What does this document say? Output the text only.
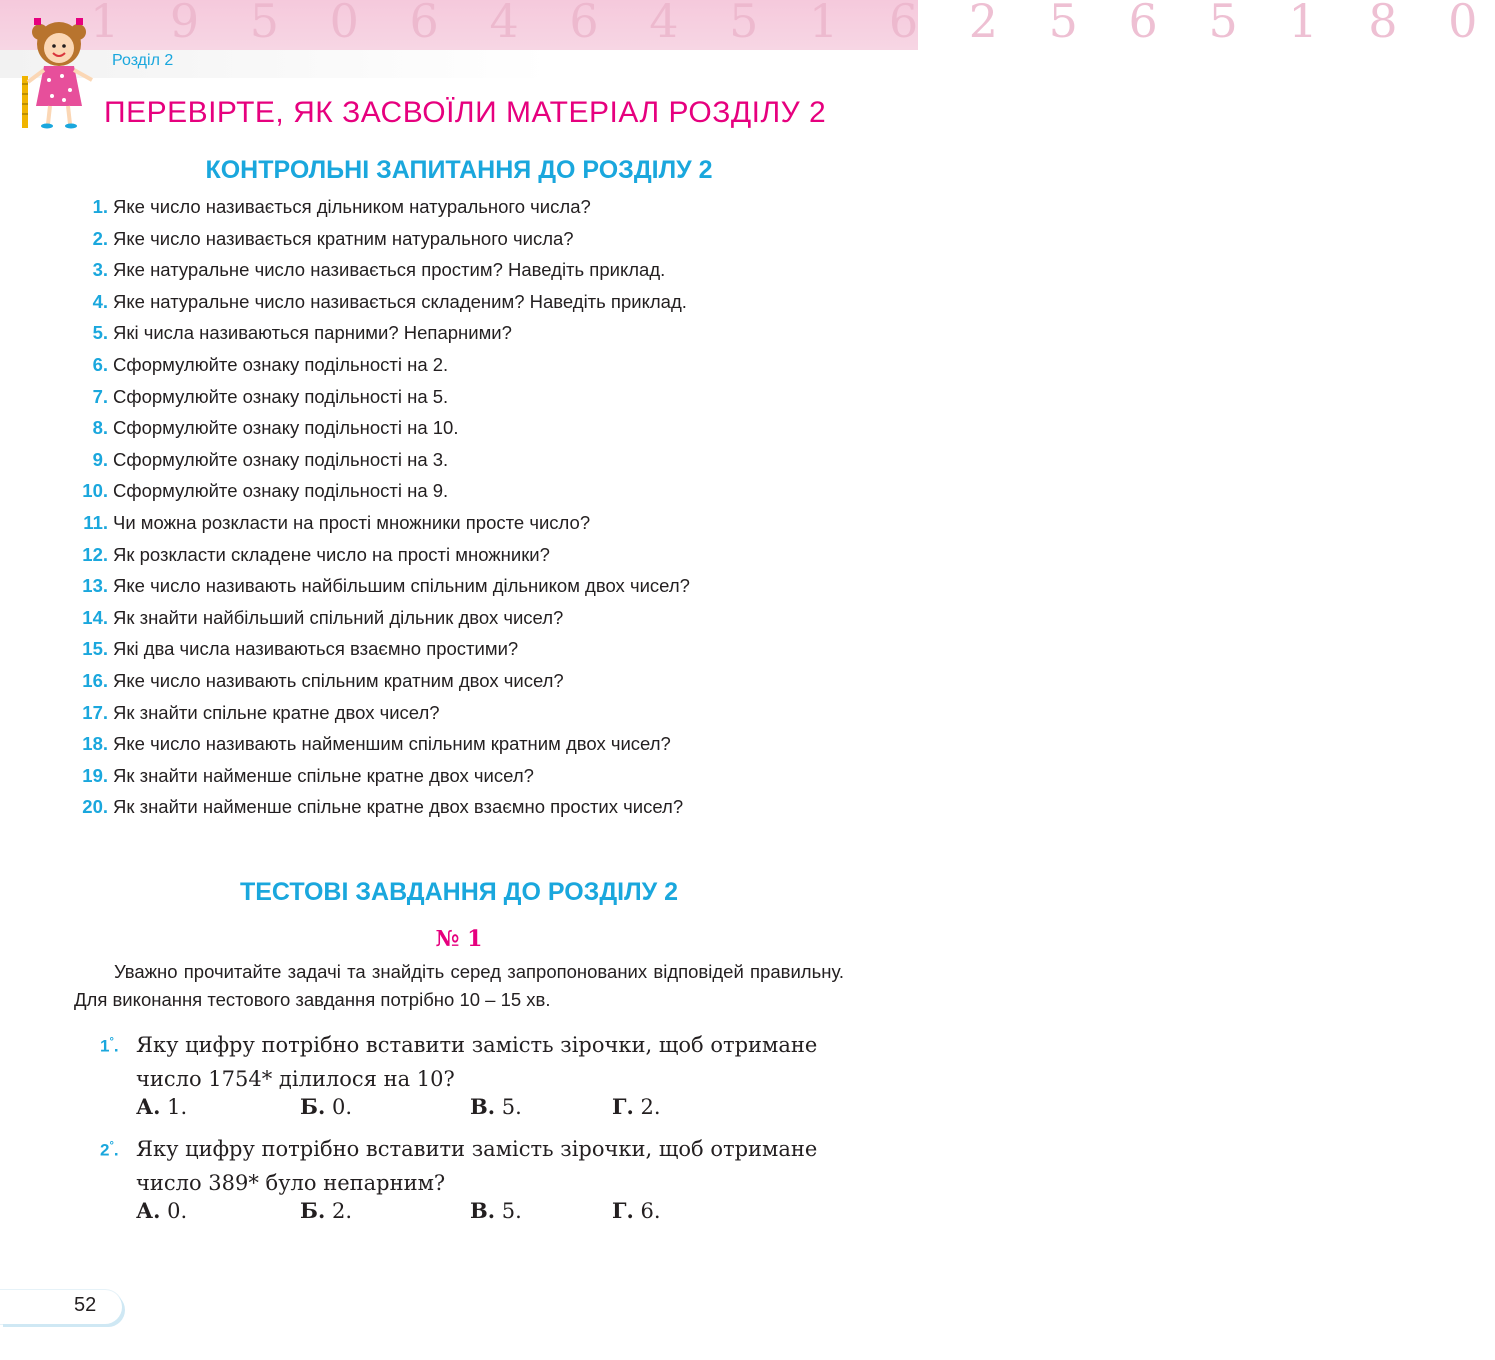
1 9 5 0 6 4 6 4 5 1 6 2 5 6 5 1 8 0
Розділ 2
ПЕРЕВІРТЕ, ЯК ЗАСВОЇЛИ МАТЕРІАЛ РОЗДІЛУ 2
КОНТРОЛЬНІ ЗАПИТАННЯ ДО РОЗДІЛУ 2
1. Яке число називається дільником натурального числа?
2. Яке число називається кратним натурального числа?
3. Яке натуральне число називається простим? Наведіть приклад.
4. Яке натуральне число називається складеним? Наведіть приклад.
5. Які числа називаються парними? Непарними?
6. Сформулюйте ознаку подільності на 2.
7. Сформулюйте ознаку подільності на 5.
8. Сформулюйте ознаку подільності на 10.
9. Сформулюйте ознаку подільності на 3.
10. Сформулюйте ознаку подільності на 9.
11. Чи можна розкласти на прості множники просте число?
12. Як розкласти складене число на прості множники?
13. Яке число називають найбільшим спільним дільником двох чисел?
14. Як знайти найбільший спільний дільник двох чисел?
15. Які два числа називаються взаємно простими?
16. Яке число називають спільним кратним двох чисел?
17. Як знайти спільне кратне двох чисел?
18. Яке число називають найменшим спільним кратним двох чисел?
19. Як знайти найменше спільне кратне двох чисел?
20. Як знайти найменше спільне кратне двох взаємно простих чисел?
ТЕСТОВІ ЗАВДАННЯ ДО РОЗДІЛУ 2
№ 1
Уважно прочитайте задачі та знайдіть серед запропонованих відповідей правильну. Для виконання тестового завдання потрібно 10 – 15 хв.
1°. Яку цифру потрібно вставити замість зірочки, щоб отримане число 1754* ділилося на 10?
А. 1.	Б. 0.	В. 5.	Г. 2.
2°. Яку цифру потрібно вставити замість зірочки, щоб отримане число 389* було непарним?
А. 0.	Б. 2.	В. 5.	Г. 6.
52
